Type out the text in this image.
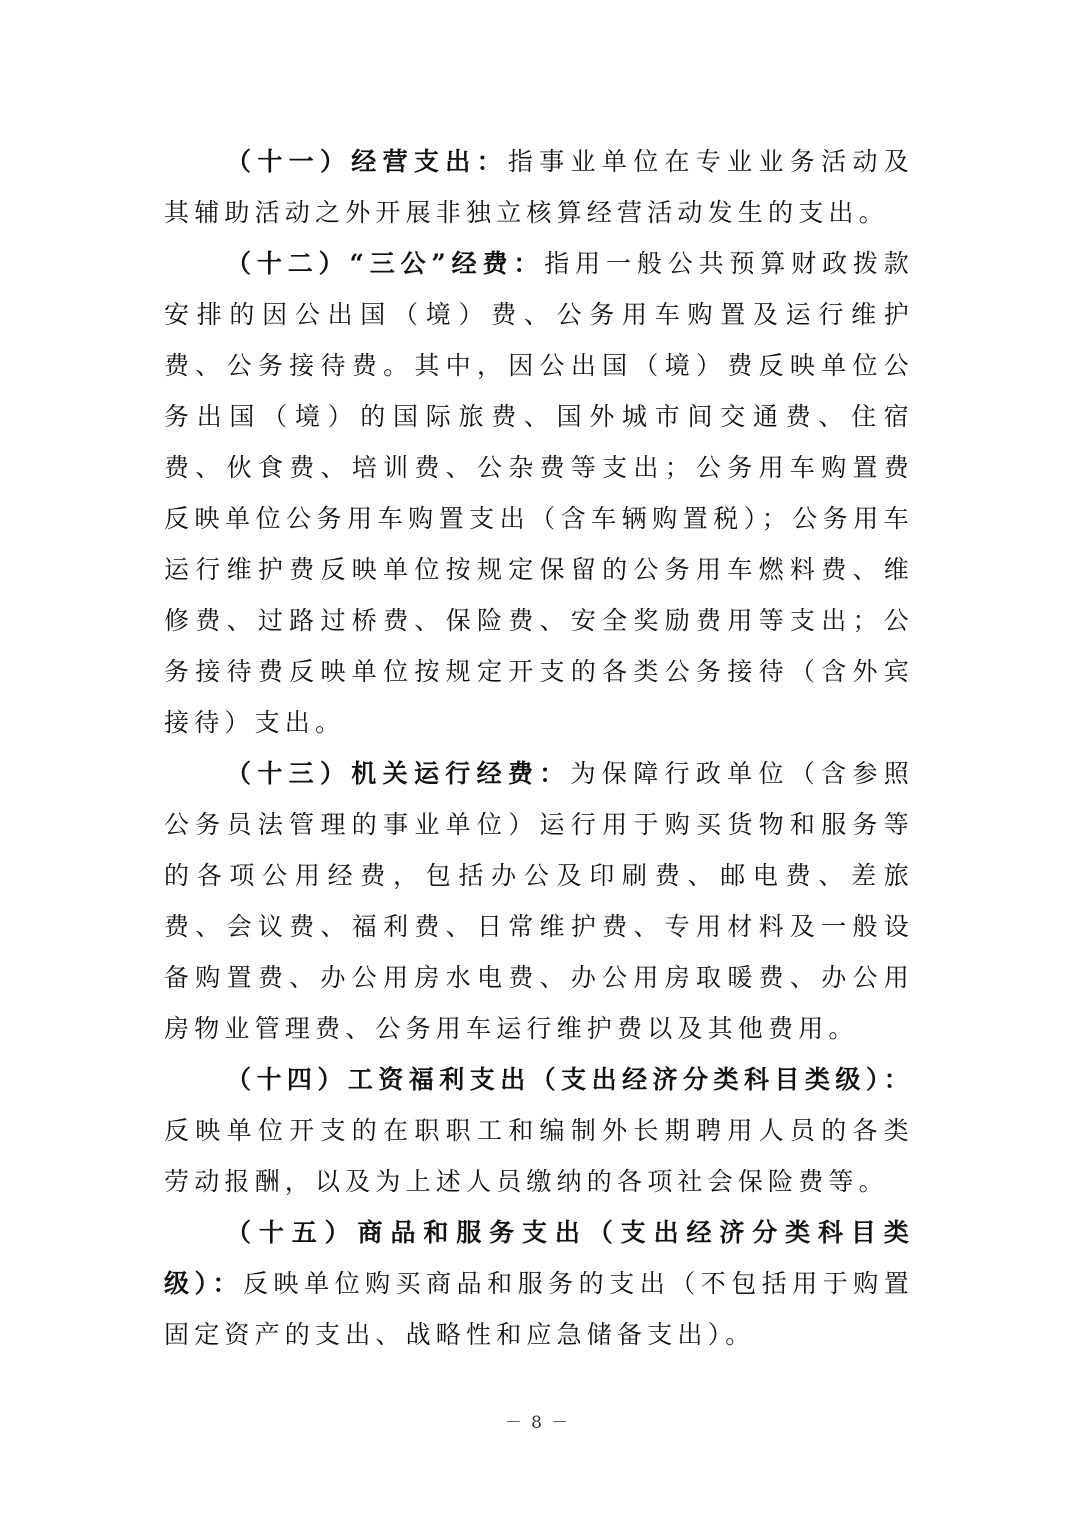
（十一）经营支出：指事业单位在专业业务活动及其辅助活动之外开展非独立核算经营活动发生的支出。

（十二）“三公”经费：指用一般公共预算财政拨款安排的因公出国（境）费、公务用车购置及运行维护费、公务接待费。其中，因公出国（境）费反映单位公务出国（境）的国际旅费、国外城市间交通费、住宿费、伙食费、培训费、公杂费等支出；公务用车购置费反映单位公务用车购置支出（含车辆购置税）；公务用车运行维护费反映单位按规定保留的公务用车燃料费、维修费、过路过桥费、保险费、安全奖励费用等支出；公务接待费反映单位按规定开支的各类公务接待（含外宾接待）支出。

（十三）机关运行经费：为保障行政单位（含参照公务员法管理的事业单位）运行用于购买货物和服务等的各项公用经费，包括办公及印刷费、邮电费、差旅费、会议费、福利费、日常维护费、专用材料及一般设备购置费、办公用房水电费、办公用房取暖费、办公用房物业管理费、公务用车运行维护费以及其他费用。

（十四）工资福利支出（支出经济分类科目类级）：反映单位开支的在职职工和编制外长期聘用人员的各类劳动报酬，以及为上述人员缴纳的各项社会保险费等。

（十五）商品和服务支出（支出经济分类科目类级）：反映单位购买商品和服务的支出（不包括用于购置固定资产的支出、战略性和应急储备支出）。

－ 8 －
